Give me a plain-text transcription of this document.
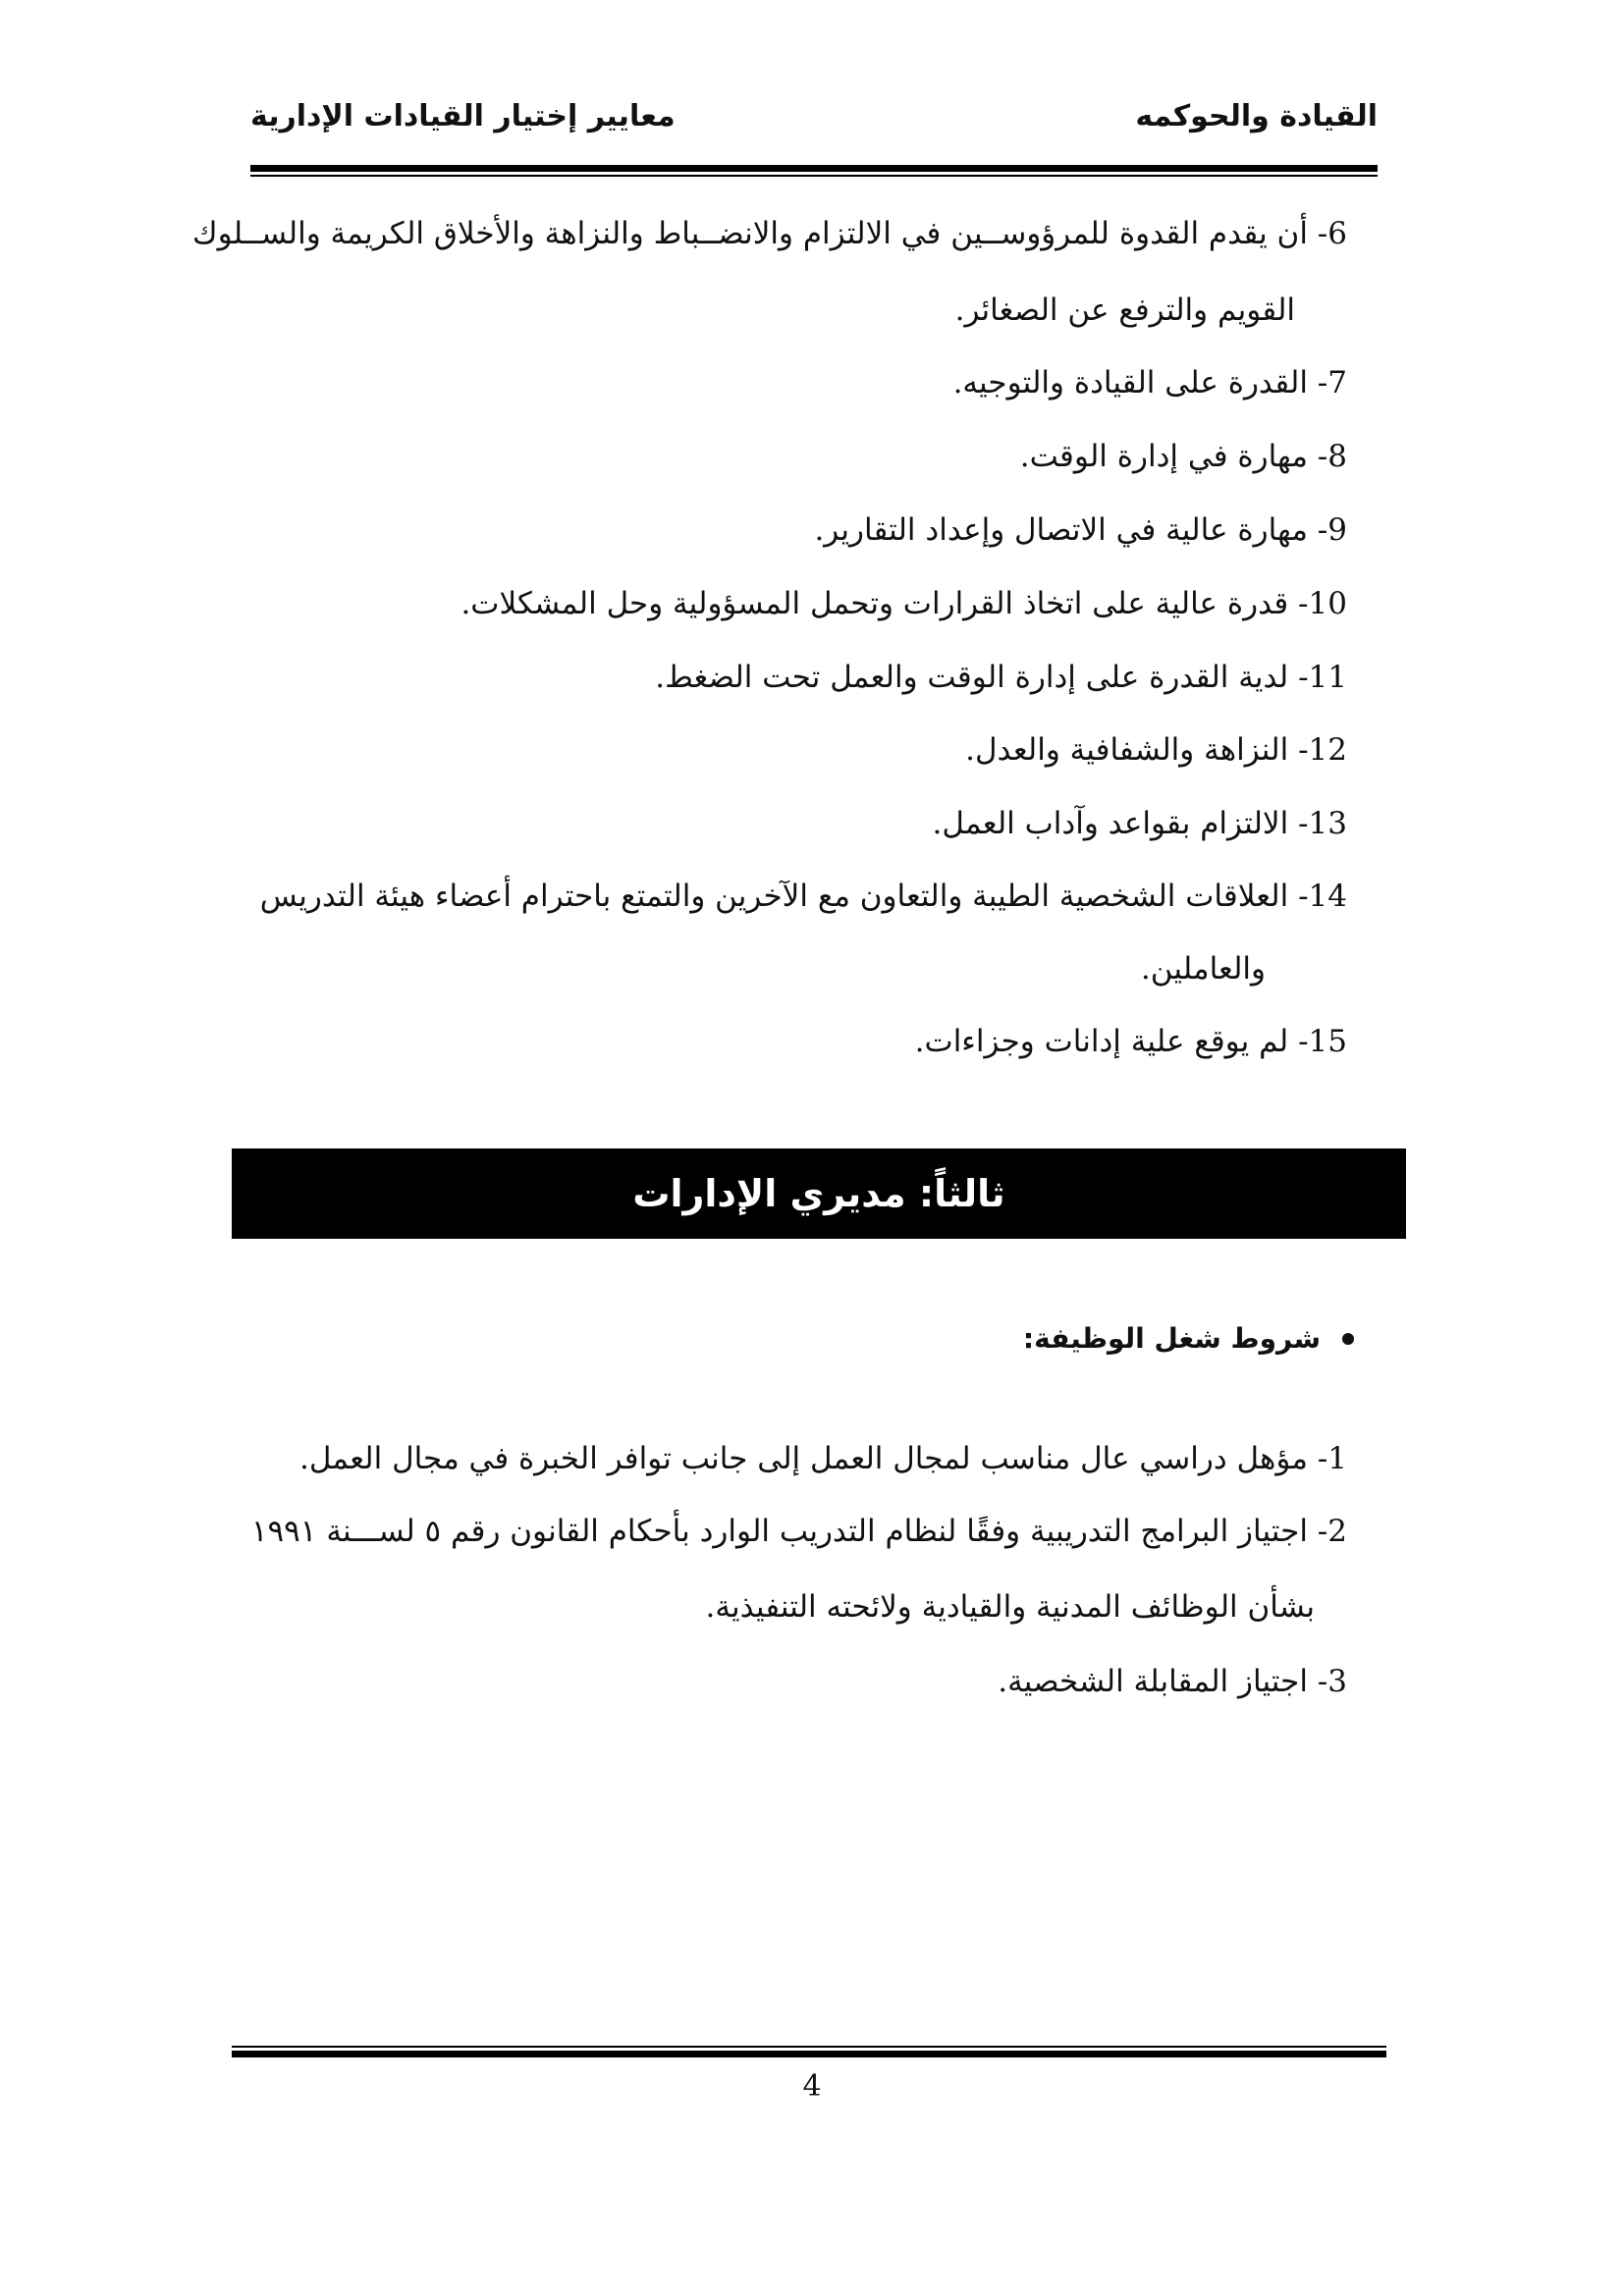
معايير إختيار القيادات الإدارية	القيادة والحوكمه
6- أن يقدم القدوة للمرؤوســين في الالتزام والانضــباط والنزاهة والأخلاق الكريمة والســلوك
القويم والترفع عن الصغائر.
7- القدرة على القيادة والتوجيه.
8- مهارة في إدارة الوقت.
9- مهارة عالية في الاتصال وإعداد التقارير.
10- قدرة عالية على اتخاذ القرارات وتحمل المسؤولية وحل المشكلات.
11- لدية القدرة على إدارة الوقت والعمل تحت الضغط.
12- النزاهة والشفافية والعدل.
13- الالتزام بقواعد وآداب العمل.
14- العلاقات الشخصية الطيبة والتعاون مع الآخرين والتمتع باحترام أعضاء هيئة التدريس
والعاملين.
15- لم يوقع علية إدانات وجزاءات.
ثالثاً: مديري الإدارات
شروط شغل الوظيفة:
1- مؤهل دراسي عال مناسب لمجال العمل إلى جانب توافر الخبرة في مجال العمل.
2- اجتياز البرامج التدريبية وفقًا لنظام التدريب الوارد بأحكام القانون رقم ٥ لســـنة ١٩٩١
بشأن الوظائف المدنية والقيادية ولائحته التنفيذية.
3- اجتياز المقابلة الشخصية.
4
